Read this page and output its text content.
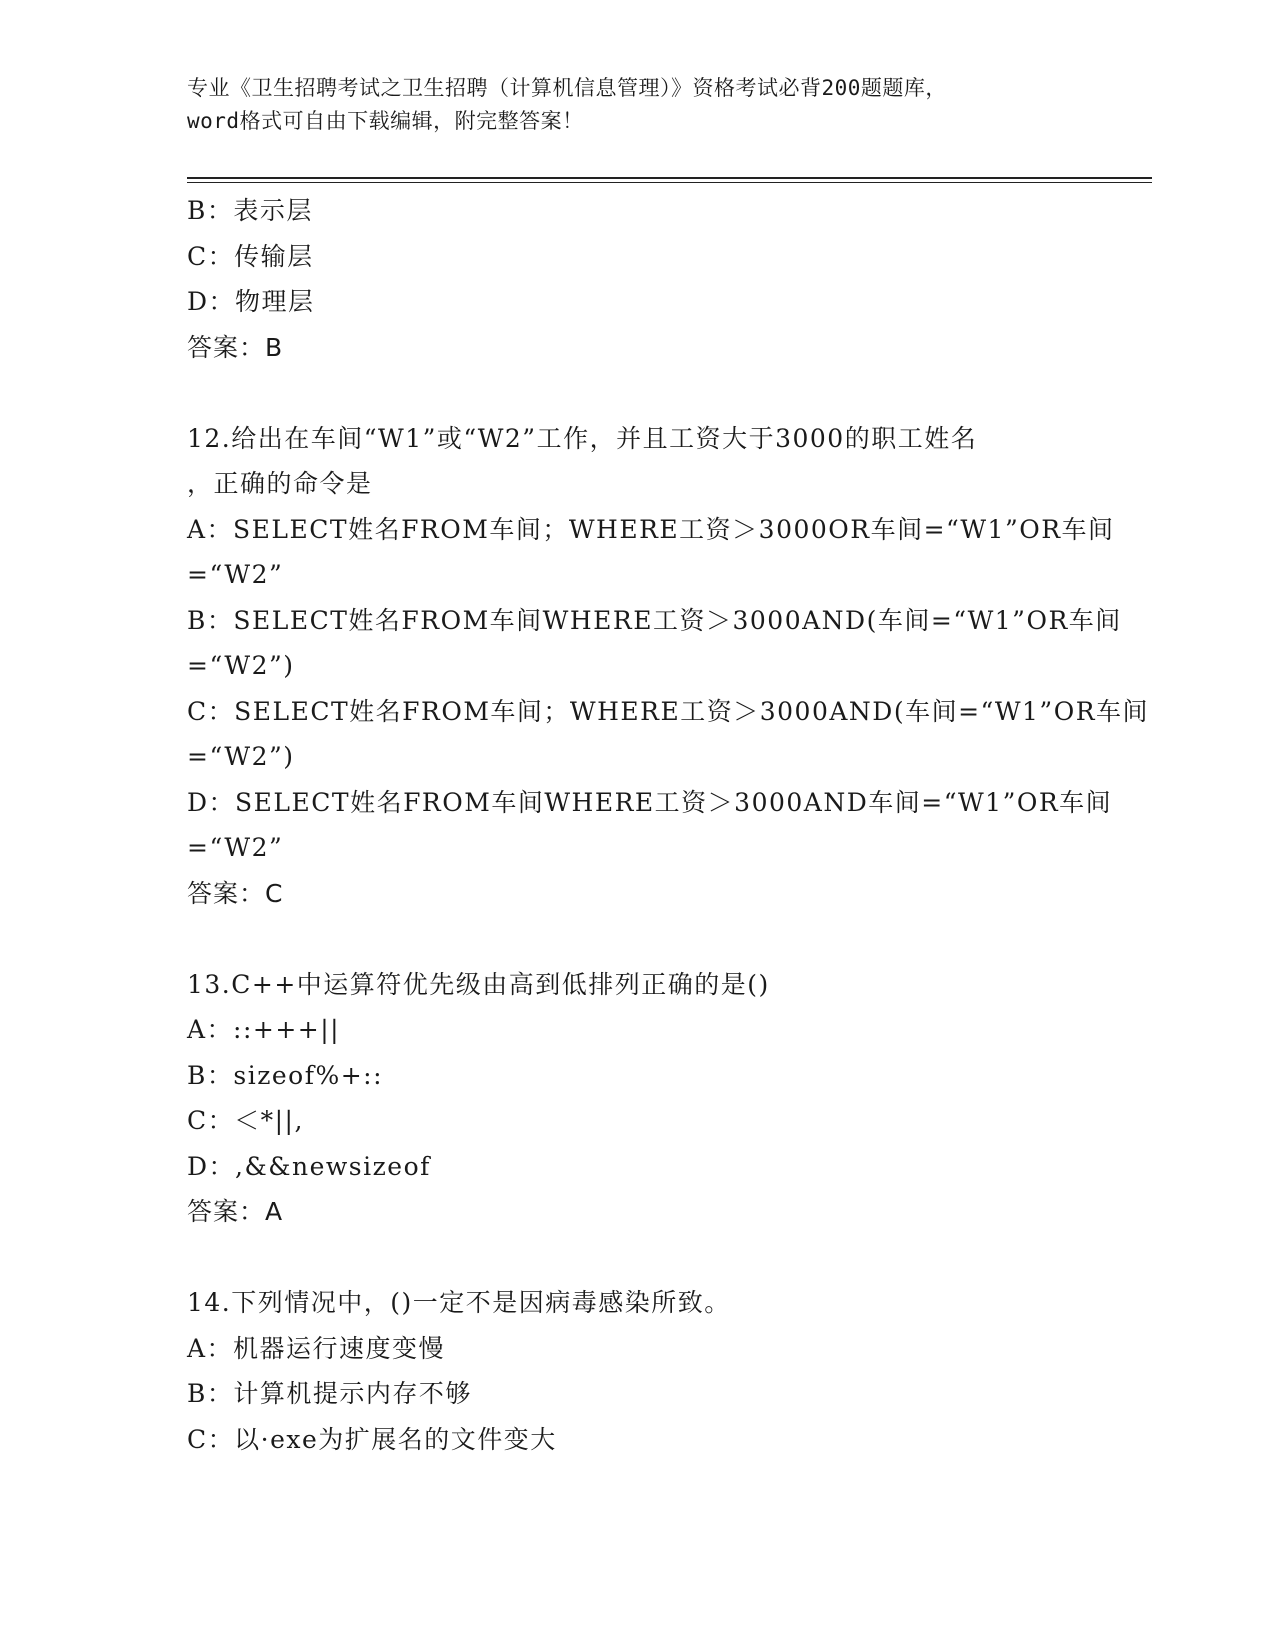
专业《卫生招聘考试之卫生招聘（计算机信息管理）》资格考试必背200题题库，
word格式可自由下载编辑，附完整答案！
B：表示层
C：传输层
D：物理层
答案：B
12.给出在车间“W1”或“W2”工作，并且工资大于3000的职工姓名
，正确的命令是
A：SELECT姓名FROM车间；WHERE工资＞3000OR车间=“W1”OR车间
=“W2”
B：SELECT姓名FROM车间WHERE工资＞3000AND(车间=“W1”OR车间
=“W2”)
C：SELECT姓名FROM车间；WHERE工资＞3000AND(车间=“W1”OR车间
=“W2”)
D：SELECT姓名FROM车间WHERE工资＞3000AND车间=“W1”OR车间
=“W2”
答案：C
13.C++中运算符优先级由高到低排列正确的是()
A：::+++||
B：sizeof%+::
C：＜*||,
D：,&&newsizeof
答案：A
14.下列情况中，()一定不是因病毒感染所致。
A：机器运行速度变慢
B：计算机提示内存不够
C：以·exe为扩展名的文件变大
